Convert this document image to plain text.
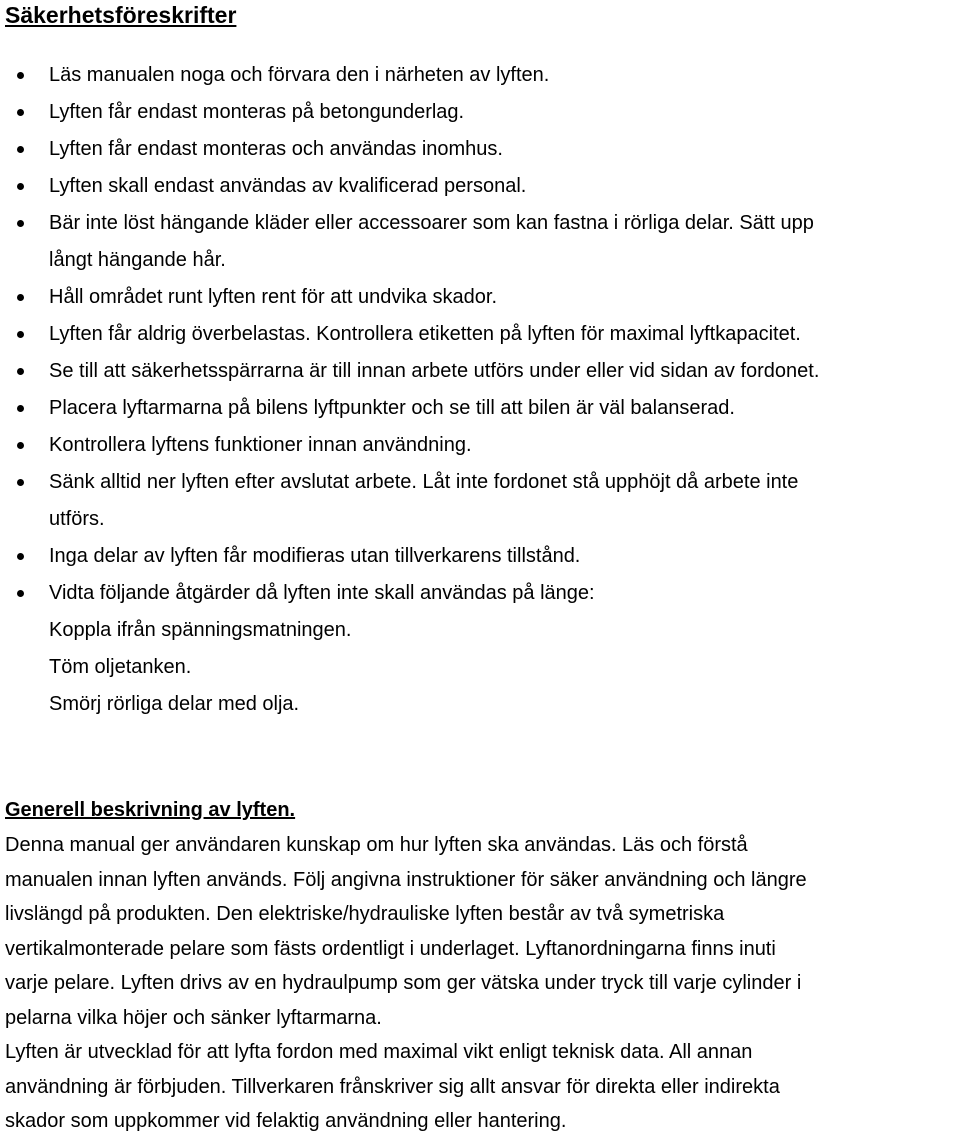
Säkerhetsföreskrifter
Läs manualen noga och förvara den i närheten av lyften.
Lyften får endast monteras på betongunderlag.
Lyften får endast monteras och användas inomhus.
Lyften skall endast användas av kvalificerad personal.
Bär inte löst hängande kläder eller accessoarer som kan fastna i rörliga delar. Sätt upp
långt hängande hår.
Håll området runt lyften rent för att undvika skador.
Lyften får aldrig överbelastas. Kontrollera etiketten på lyften för maximal lyftkapacitet.
Se till att säkerhetsspärrarna är till innan arbete utförs under eller vid sidan av fordonet.
Placera lyftarmarna på bilens lyftpunkter och se till att bilen är väl balanserad.
Kontrollera lyftens funktioner innan användning.
Sänk alltid ner lyften efter avslutat arbete. Låt inte fordonet stå upphöjt då arbete inte
utförs.
Inga delar av lyften får modifieras utan tillverkarens tillstånd.
Vidta följande åtgärder då lyften inte skall användas på länge:
Koppla ifrån spänningsmatningen.
Töm oljetanken.
Smörj rörliga delar med olja.
Generell beskrivning av lyften.

Denna manual ger användaren kunskap om hur lyften ska användas. Läs och förstå
manualen innan lyften används. Följ angivna instruktioner för säker användning och längre
livslängd på produkten. Den elektriske/hydrauliske lyften består av två symetriska
vertikalmonterade pelare som fästs ordentligt i underlaget. Lyftanordningarna finns inuti
varje pelare. Lyften drivs av en hydraulpump som ger vätska under tryck till varje cylinder i
pelarna vilka höjer och sänker lyftarmarna.
Lyften är utvecklad för att lyfta fordon med maximal vikt enligt teknisk data. All annan
användning är förbjuden. Tillverkaren frånskriver sig allt ansvar för direkta eller indirekta
skador som uppkommer vid felaktig användning eller hantering.
